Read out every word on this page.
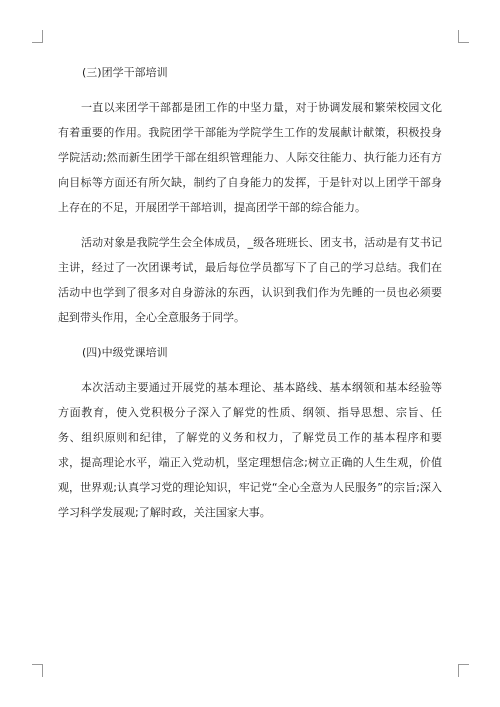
(三)团学干部培训

一直以来团学干部都是团工作的中坚力量，对于协调发展和繁荣校园文化有着重要的作用。我院团学干部能为学院学生工作的发展献计献策，积极投身学院活动;然而新生团学干部在组织管理能力、人际交往能力、执行能力还有方向目标等方面还有所欠缺，制约了自身能力的发挥，于是针对以上团学干部身上存在的不足，开展团学干部培训，提高团学干部的综合能力。

活动对象是我院学生会全体成员，_级各班班长、团支书，活动是有艾书记主讲，经过了一次团课考试，最后每位学员都写下了自己的学习总结。我们在活动中也学到了很多对自身游泳的东西，认识到我们作为先睡的一员也必须要起到带头作用，全心全意服务于同学。

(四)中级党课培训

本次活动主要通过开展党的基本理论、基本路线、基本纲领和基本经验等方面教育，使入党积极分子深入了解党的性质、纲领、指导思想、宗旨、任务、组织原则和纪律，了解党的义务和权力，了解党员工作的基本程序和要求，提高理论水平，端正入党动机，坚定理想信念;树立正确的人生生观，价值观，世界观;认真学习党的理论知识，牢记党“全心全意为人民服务”的宗旨;深入学习科学发展观;了解时政，关注国家大事。
